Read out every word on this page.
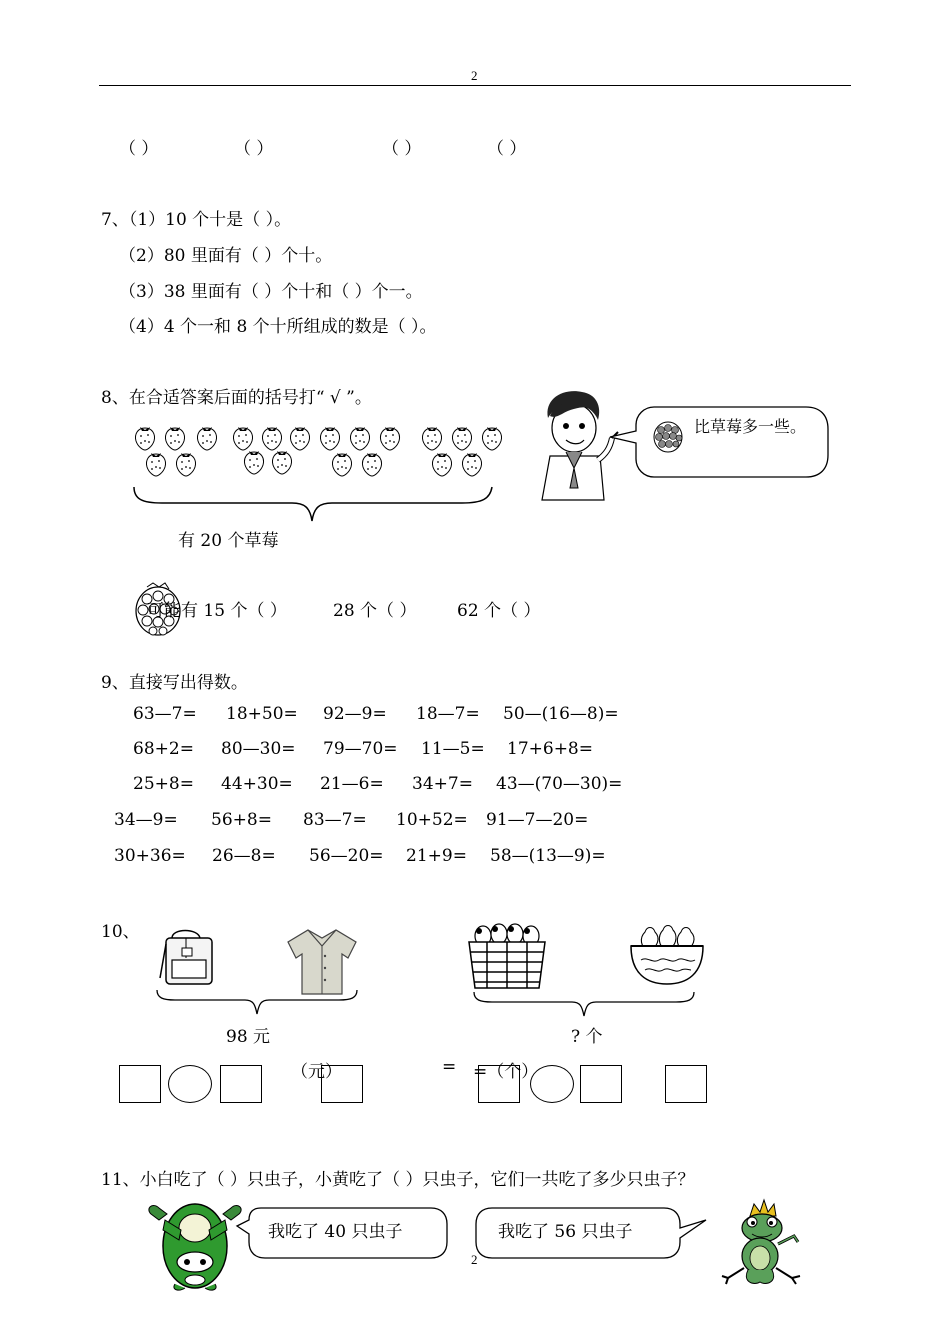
2
（ ）	（ ）	（ ）	（ ）
7、（1）10 个十是（ ）。
（2）80 里面有（ ）个十。
（3）38 里面有（ ）个十和（ ）个一。
（4）4 个一和 8 个十所组成的数是（ ）。
8、在合适答案后面的括号打“ √ ”。
有 20 个草莓
比草莓多一些。
可能有 15 个（ ）	28 个（ ） 62 个（ ）
9、直接写出得数。
63—7= 18+50= 92—9= 18—7= 50—(16—8)=
68+2= 80—30= 79—70= 11—5= 17+6+8=
25+8= 44+30= 21—6= 34+7= 43—(70—30)=
34—9= 56+8= 83—7= 10+52= 91—7—20=
30+36= 26—8= 56—20= 21+9= 58—(13—9)=
10、
98 元	? 个
（元）	= =（个）
11、小白吃了（ ）只虫子，小黄吃了（ ）只虫子，它们一共吃了多少只虫子？
我吃了 40 只虫子	我吃了 56 只虫子
2
